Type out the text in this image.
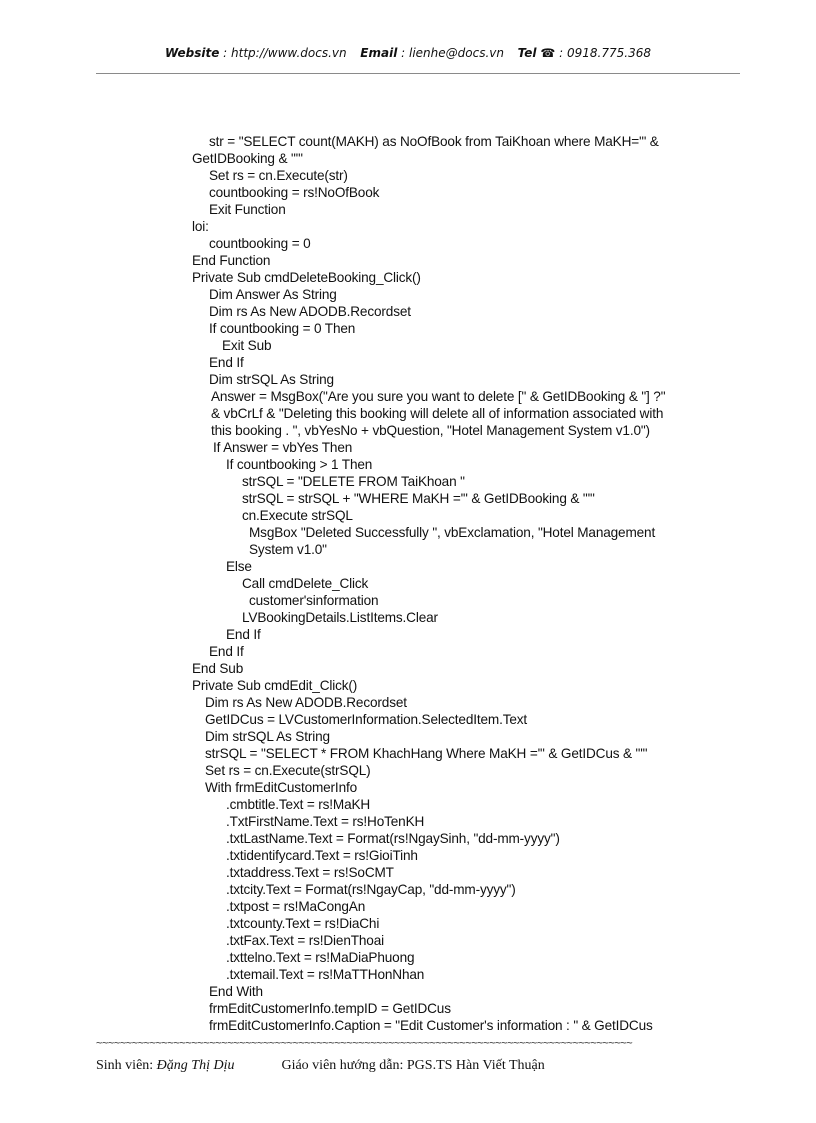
Website : http://www.docs.vn Email : lienhe@docs.vn Tel ☎ : 0918.775.368
str = "SELECT count(MAKH) as NoOfBook from TaiKhoan where MaKH='" &
GetIDBooking & "'"
Set rs = cn.Execute(str)
countbooking = rs!NoOfBook
Exit Function
loi:
countbooking = 0
End Function
Private Sub cmdDeleteBooking_Click()
Dim Answer As String
Dim rs As New ADODB.Recordset
If countbooking = 0 Then
Exit Sub
End If
Dim strSQL As String
Answer = MsgBox("Are you sure you want to delete [" & GetIDBooking & "] ?"
& vbCrLf & "Deleting this booking will delete all of information associated with
this booking . ", vbYesNo + vbQuestion, "Hotel Management System v1.0")
If Answer = vbYes Then
If countbooking > 1 Then
strSQL = "DELETE FROM TaiKhoan "
strSQL = strSQL + "WHERE MaKH ='" & GetIDBooking & "'"
cn.Execute strSQL
MsgBox "Deleted Successfully ", vbExclamation, "Hotel Management
System v1.0"
Else
Call cmdDelete_Click
customer'sinformation
LVBookingDetails.ListItems.Clear
End If
End If
End Sub
Private Sub cmdEdit_Click()
Dim rs As New ADODB.Recordset
GetIDCus = LVCustomerInformation.SelectedItem.Text
Dim strSQL As String
strSQL = "SELECT * FROM KhachHang Where MaKH ='" & GetIDCus & "'"
Set rs = cn.Execute(strSQL)
With frmEditCustomerInfo
.cmbtitle.Text = rs!MaKH
.TxtFirstName.Text = rs!HoTenKH
.txtLastName.Text = Format(rs!NgaySinh, "dd-mm-yyyy")
.txtidentifycard.Text = rs!GioiTinh
.txtaddress.Text = rs!SoCMT
.txtcity.Text = Format(rs!NgayCap, "dd-mm-yyyy")
.txtpost = rs!MaCongAn
.txtcounty.Text = rs!DiaChi
.txtFax.Text = rs!DienThoai
.txttelno.Text = rs!MaDiaPhuong
.txtemail.Text = rs!MaTTHonNhan
End With
frmEditCustomerInfo.tempID = GetIDCus
frmEditCustomerInfo.Caption = "Edit Customer's information : " & GetIDCus
~~~~~~~~~~~~~~~~~~~~~~~~~~~~~~~~~~~~~~~~~~~~~~~~~~~~~~~~~~~~~~~~~~~~~~~~~~~~~~~~~~~~~~~~~~
Sinh viên: Đặng Thị Dịu	Giáo viên hướng dẫn: PGS.TS Hàn Viết Thuận
